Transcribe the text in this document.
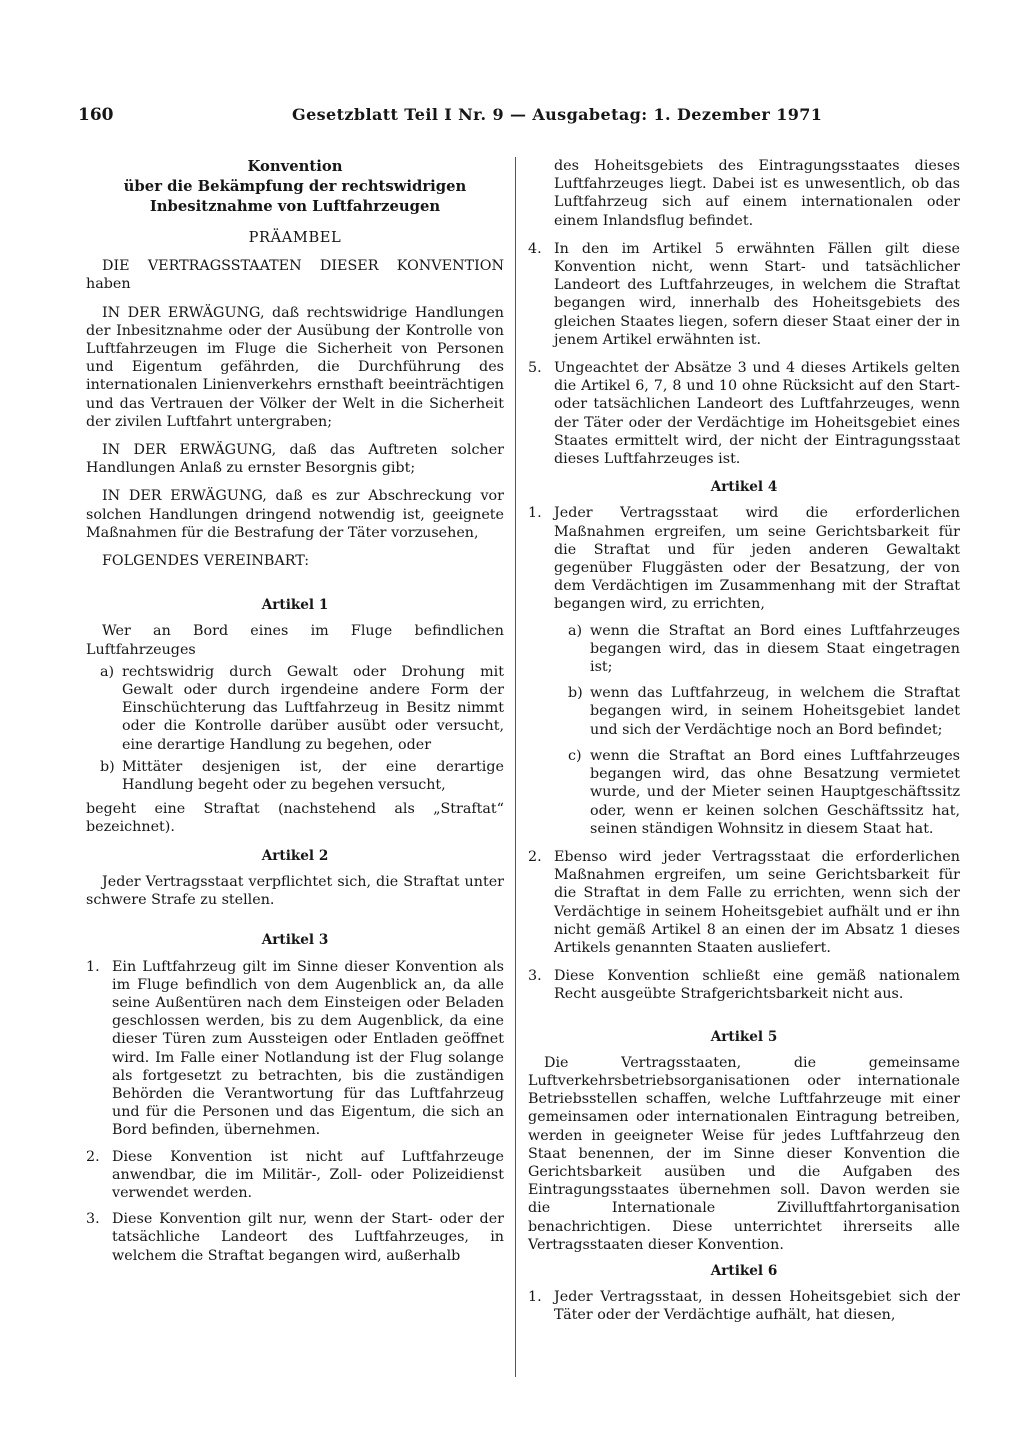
160	Gesetzblatt Teil I Nr. 9 — Ausgabetag: 1. Dezember 1971
Konvention
über die Bekämpfung der rechtswidrigen
Inbesitznahme von Luftfahrzeugen
PRÄAMBEL

DIE VERTRAGSSTAATEN DIESER KONVENTION haben

IN DER ERWÄGUNG, daß rechtswidrige Handlungen der Inbesitznahme oder der Ausübung der Kontrolle von Luftfahrzeugen im Fluge die Sicherheit von Personen und Eigentum gefährden, die Durchführung des internationalen Linienverkehrs ernsthaft beeinträchtigen und das Vertrauen der Völker der Welt in die Sicherheit der zivilen Luftfahrt untergraben;

IN DER ERWÄGUNG, daß das Auftreten solcher Handlungen Anlaß zu ernster Besorgnis gibt;

IN DER ERWÄGUNG, daß es zur Abschreckung vor solchen Handlungen dringend notwendig ist, geeignete Maßnahmen für die Bestrafung der Täter vorzusehen,

FOLGENDES VEREINBART:

Artikel 1

Wer an Bord eines im Fluge befindlichen Luftfahrzeuges

a) rechtswidrig durch Gewalt oder Drohung mit Gewalt oder durch irgendeine andere Form der Einschüchterung das Luftfahrzeug in Besitz nimmt oder die Kontrolle darüber ausübt oder versucht, eine derartige Handlung zu begehen, oder
b) Mittäter desjenigen ist, der eine derartige Handlung begeht oder zu begehen versucht,

begeht eine Straftat (nachstehend als „Straftat“ bezeichnet).

Artikel 2

Jeder Vertragsstaat verpflichtet sich, die Straftat unter schwere Strafe zu stellen.

Artikel 3
1. Ein Luftfahrzeug gilt im Sinne dieser Konvention als im Fluge befindlich von dem Augenblick an, da alle seine Außentüren nach dem Einsteigen oder Beladen geschlossen werden, bis zu dem Augenblick, da eine dieser Türen zum Aussteigen oder Entladen geöffnet wird. Im Falle einer Notlandung ist der Flug solange als fortgesetzt zu betrachten, bis die zuständigen Behörden die Verantwortung für das Luftfahrzeug und für die Personen und das Eigentum, die sich an Bord befinden, übernehmen.
2. Diese Konvention ist nicht auf Luftfahrzeuge anwendbar, die im Militär-, Zoll- oder Polizeidienst verwendet werden.
3. Diese Konvention gilt nur, wenn der Start- oder der tatsächliche Landeort des Luftfahrzeuges, in welchem die Straftat begangen wird, außerhalb

des Hoheitsgebiets des Eintragungsstaates dieses Luftfahrzeuges liegt. Dabei ist es unwesentlich, ob das Luftfahrzeug sich auf einem internationalen oder einem Inlandsflug befindet.

4. In den im Artikel 5 erwähnten Fällen gilt diese Konvention nicht, wenn Start- und tatsächlicher Landeort des Luftfahrzeuges, in welchem die Straftat begangen wird, innerhalb des Hoheitsgebiets des gleichen Staates liegen, sofern dieser Staat einer der in jenem Artikel erwähnten ist.
5. Ungeachtet der Absätze 3 und 4 dieses Artikels gelten die Artikel 6, 7, 8 und 10 ohne Rücksicht auf den Start- oder tatsächlichen Landeort des Luftfahrzeuges, wenn der Täter oder der Verdächtige im Hoheitsgebiet eines Staates ermittelt wird, der nicht der Eintragungsstaat dieses Luftfahrzeuges ist.
Artikel 4
1. Jeder Vertragsstaat wird die erforderlichen Maßnahmen ergreifen, um seine Gerichtsbarkeit für die Straftat und für jeden anderen Gewaltakt gegenüber Fluggästen oder der Besatzung, der von dem Verdächtigen im Zusammenhang mit der Straftat begangen wird, zu errichten,
a) wenn die Straftat an Bord eines Luftfahrzeuges begangen wird, das in diesem Staat eingetragen ist;
b) wenn das Luftfahrzeug, in welchem die Straftat begangen wird, in seinem Hoheitsgebiet landet und sich der Verdächtige noch an Bord befindet;
c) wenn die Straftat an Bord eines Luftfahrzeuges begangen wird, das ohne Besatzung vermietet wurde, und der Mieter seinen Hauptgeschäftssitz oder, wenn er keinen solchen Geschäftssitz hat, seinen ständigen Wohnsitz in diesem Staat hat.
2. Ebenso wird jeder Vertragsstaat die erforderlichen Maßnahmen ergreifen, um seine Gerichtsbarkeit für die Straftat in dem Falle zu errichten, wenn sich der Verdächtige in seinem Hoheitsgebiet aufhält und er ihn nicht gemäß Artikel 8 an einen der im Absatz 1 dieses Artikels genannten Staaten ausliefert.
3. Diese Konvention schließt eine gemäß nationalem Recht ausgeübte Strafgerichtsbarkeit nicht aus.
Artikel 5

Die Vertragsstaaten, die gemeinsame Luftverkehrsbetriebsorganisationen oder internationale Betriebsstellen schaffen, welche Luftfahrzeuge mit einer gemeinsamen oder internationalen Eintragung betreiben, werden in geeigneter Weise für jedes Luftfahrzeug den Staat benennen, der im Sinne dieser Konvention die Gerichtsbarkeit ausüben und die Aufgaben des Eintragungsstaates übernehmen soll. Davon werden sie die Internationale Zivilluftfahrtorganisation benachrichtigen. Diese unterrichtet ihrerseits alle Vertragsstaaten dieser Konvention.

Artikel 6
1. Jeder Vertragsstaat, in dessen Hoheitsgebiet sich der Täter oder der Verdächtige aufhält, hat diesen,
